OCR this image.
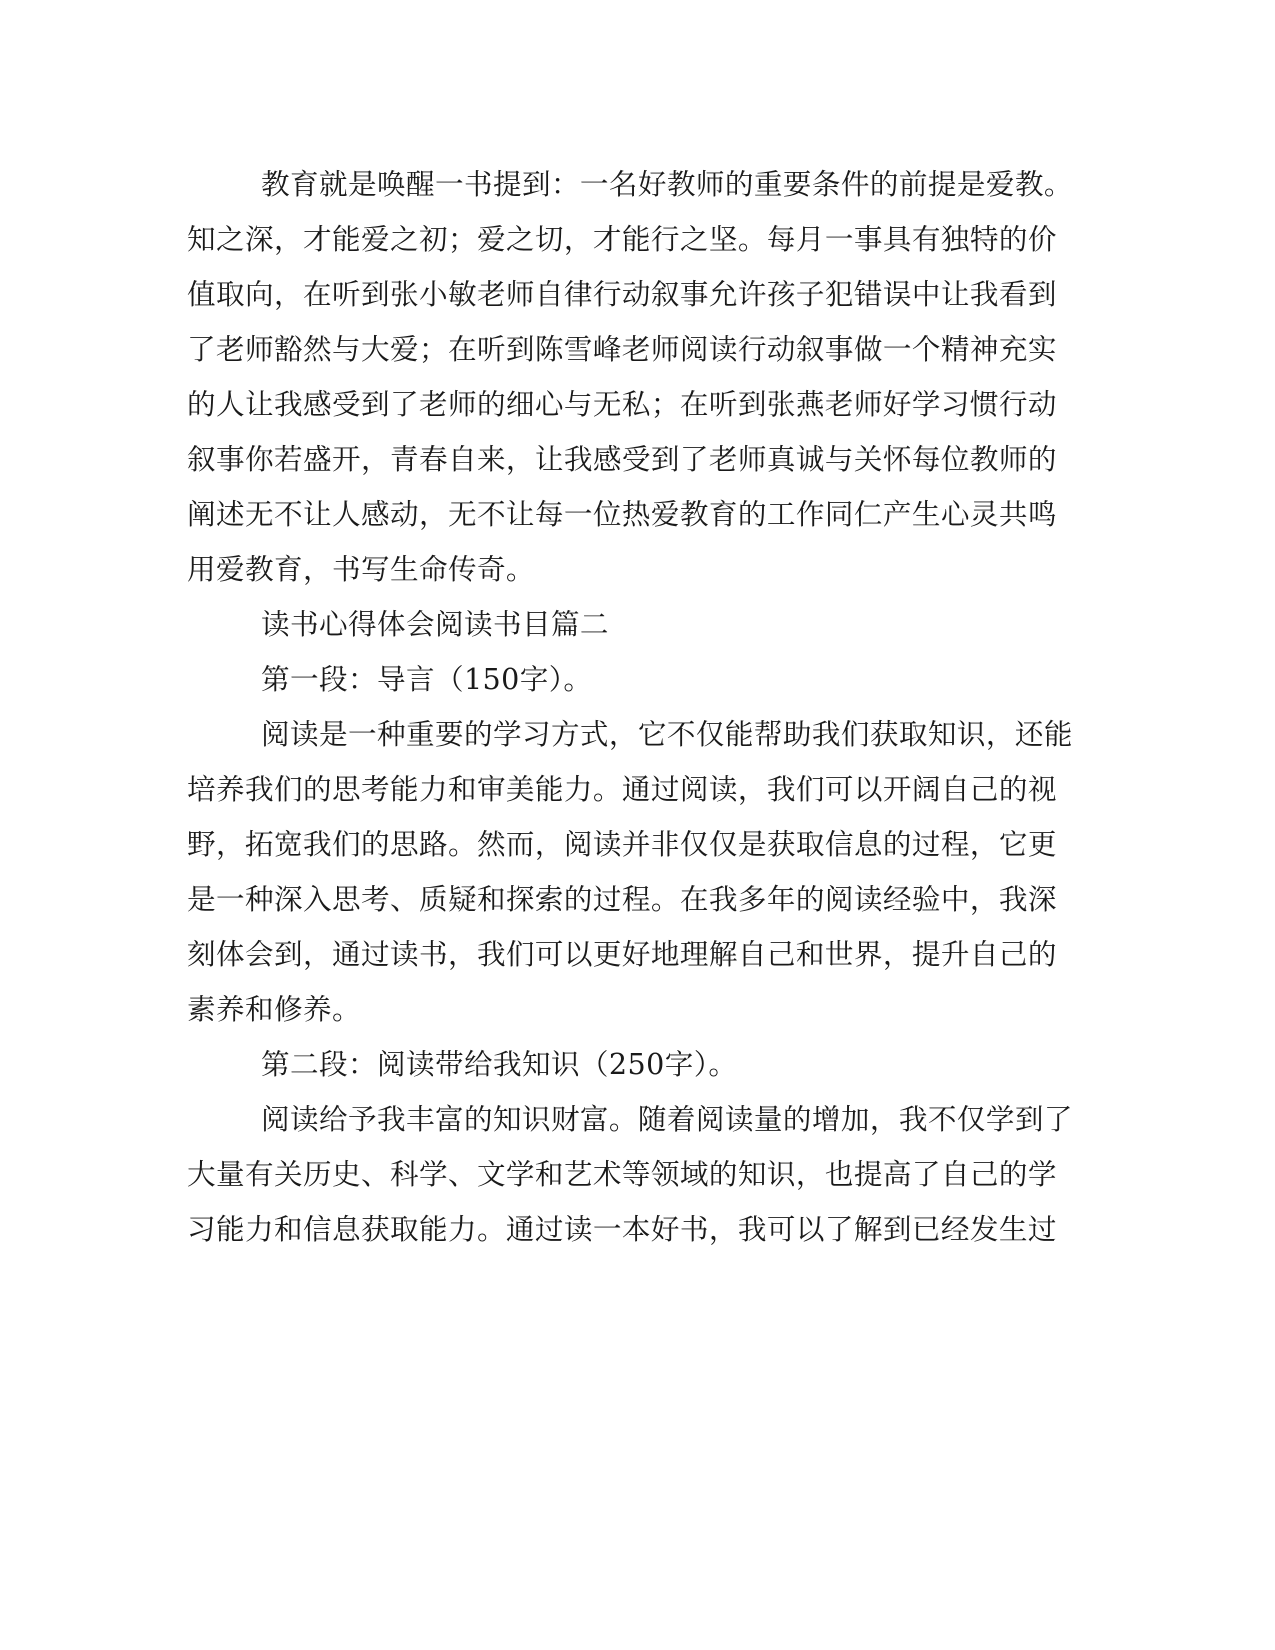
教育就是唤醒一书提到：一名好教师的重要条件的前提是爱教。

知之深，才能爱之初；爱之切，才能行之坚。每月一事具有独特的价

值取向，在听到张小敏老师自律行动叙事允许孩子犯错误中让我看到

了老师豁然与大爱；在听到陈雪峰老师阅读行动叙事做一个精神充实

的人让我感受到了老师的细心与无私；在听到张燕老师好学习惯行动

叙事你若盛开，青春自来，让我感受到了老师真诚与关怀每位教师的

阐述无不让人感动，无不让每一位热爱教育的工作同仁产生心灵共鸣

用爱教育，书写生命传奇。

读书心得体会阅读书目篇二

第一段：导言（150字）。

阅读是一种重要的学习方式，它不仅能帮助我们获取知识，还能

培养我们的思考能力和审美能力。通过阅读，我们可以开阔自己的视

野，拓宽我们的思路。然而，阅读并非仅仅是获取信息的过程，它更

是一种深入思考、质疑和探索的过程。在我多年的阅读经验中，我深

刻体会到，通过读书，我们可以更好地理解自己和世界，提升自己的

素养和修养。

第二段：阅读带给我知识（250字）。

阅读给予我丰富的知识财富。随着阅读量的增加，我不仅学到了

大量有关历史、科学、文学和艺术等领域的知识，也提高了自己的学

习能力和信息获取能力。通过读一本好书，我可以了解到已经发生过
